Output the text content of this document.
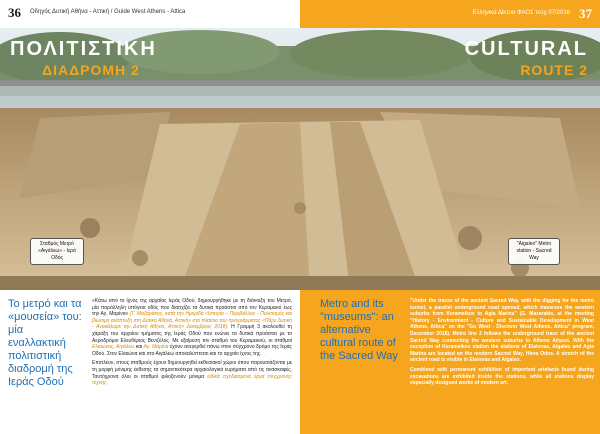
36 Οδηγός Δυτική Αθήνα - Αττική / Guide West Athens - Attica	Ελληνικά Δίκτυα ΦΑΟ1 τεύχ 07/2016 37
ΠΟΛΙΤΙΣΤΙΚΗ
ΔΙΑΔΡΟΜΗ 2
CULTURAL
ROUTE 2
Σταθμός Μετρό «Αιγάλεω» - Ιερά Οδός
"Aigaleo" Metro station - Sacred Way
Το μετρό και τα «μουσεία» του: μία εναλλακτική πολιτιστική διαδρομή της Ιεράς Οδού
«Κάτω από το ίχνος της αρχαίας Ιεράς Οδού, δημιουργήθηκε με τη διάνοιξη του Μετρό, μία παράλληλη υπόγεια οδός που διασχίζει τα δυτικά προάστια από τον Κεραμεικό έως την Αγ. Μαρίνα» (Γ. Μαζαράκης, κατά την Ημερίδα «Ιστορία – Περιβάλλον - Πολιτισμός και βιώσιμη ανάπτυξη στη Δυτική Αθήνα, Αττική» στο πλαίσιο του προγράμματος «Πάρε Δυτική - Ανακάλυψε την Δυτική Αθήνα, Αττική» Δεκέμβριος 2018). Η Γραμμή 3 ακολουθεί τη χάραξη του αρχαίου τμήματος της Ιεράς Οδού που ενώνει τα δυτικά προάστια με το Αεροδρόμιο Ελευθέριος Βενιζέλος. Με εξαίρεση τον σταθμό του Κεραμεικού, οι σταθμοί Ελαιώνας, Αιγάλεω και Αγ. Μαρίνα έχουν ανεγερθεί πάνω στον σύγχρονο δρόμο της Ιεράς Οδού. Στον Ελαιώνα και στο Αιγάλεω αποκαλύπτεται και το αρχαίο ίχνος της.
Επιπλέον, στους σταθμούς έχουν δημιουργηθεί εκθεσιακοί χώροι όπου παρουσιάζονται με τη μορφή μόνιμης έκθεσης τα σημαντικότερα αρχαιολογικά ευρήματα από τις ανασκαφές. Ταυτόχρονα όλοι οι σταθμοί φιλοξενούν μόνιμα ειδικά σχεδιασμένα έργα σύγχρονης τέχνης.
Metro and its "museums": an alternative cultural route of the Sacred Way
"Under the traces of the ancient Sacred Way, with the digging for the metro tunnel, a parallel underground road opened, which traverses the western suburbs from Kerameikos to Agia Marina" (G. Mazarakis, at the meeting "History - Environment - Culture and Sustainable Development in West Athens, Attica" on the "Go West - Discover West Athens, Attica" program, December 2018). Metro line 3 follows the underground trace of the ancient Sacred Way connecting the western suburbs to Athens Airport. With the exception of Kerameikos station the stations of Elaionas, Aigaleo and Agia Marina are located on the modern Sacred Way, Hiera Odos. A stretch of the ancient road is visible in Elaionas and Aigaleo.
Combined with permanent exhibition of important artefacts found during excavations are exhibited inside the stations, while all stations display especially designed works of modern art.
